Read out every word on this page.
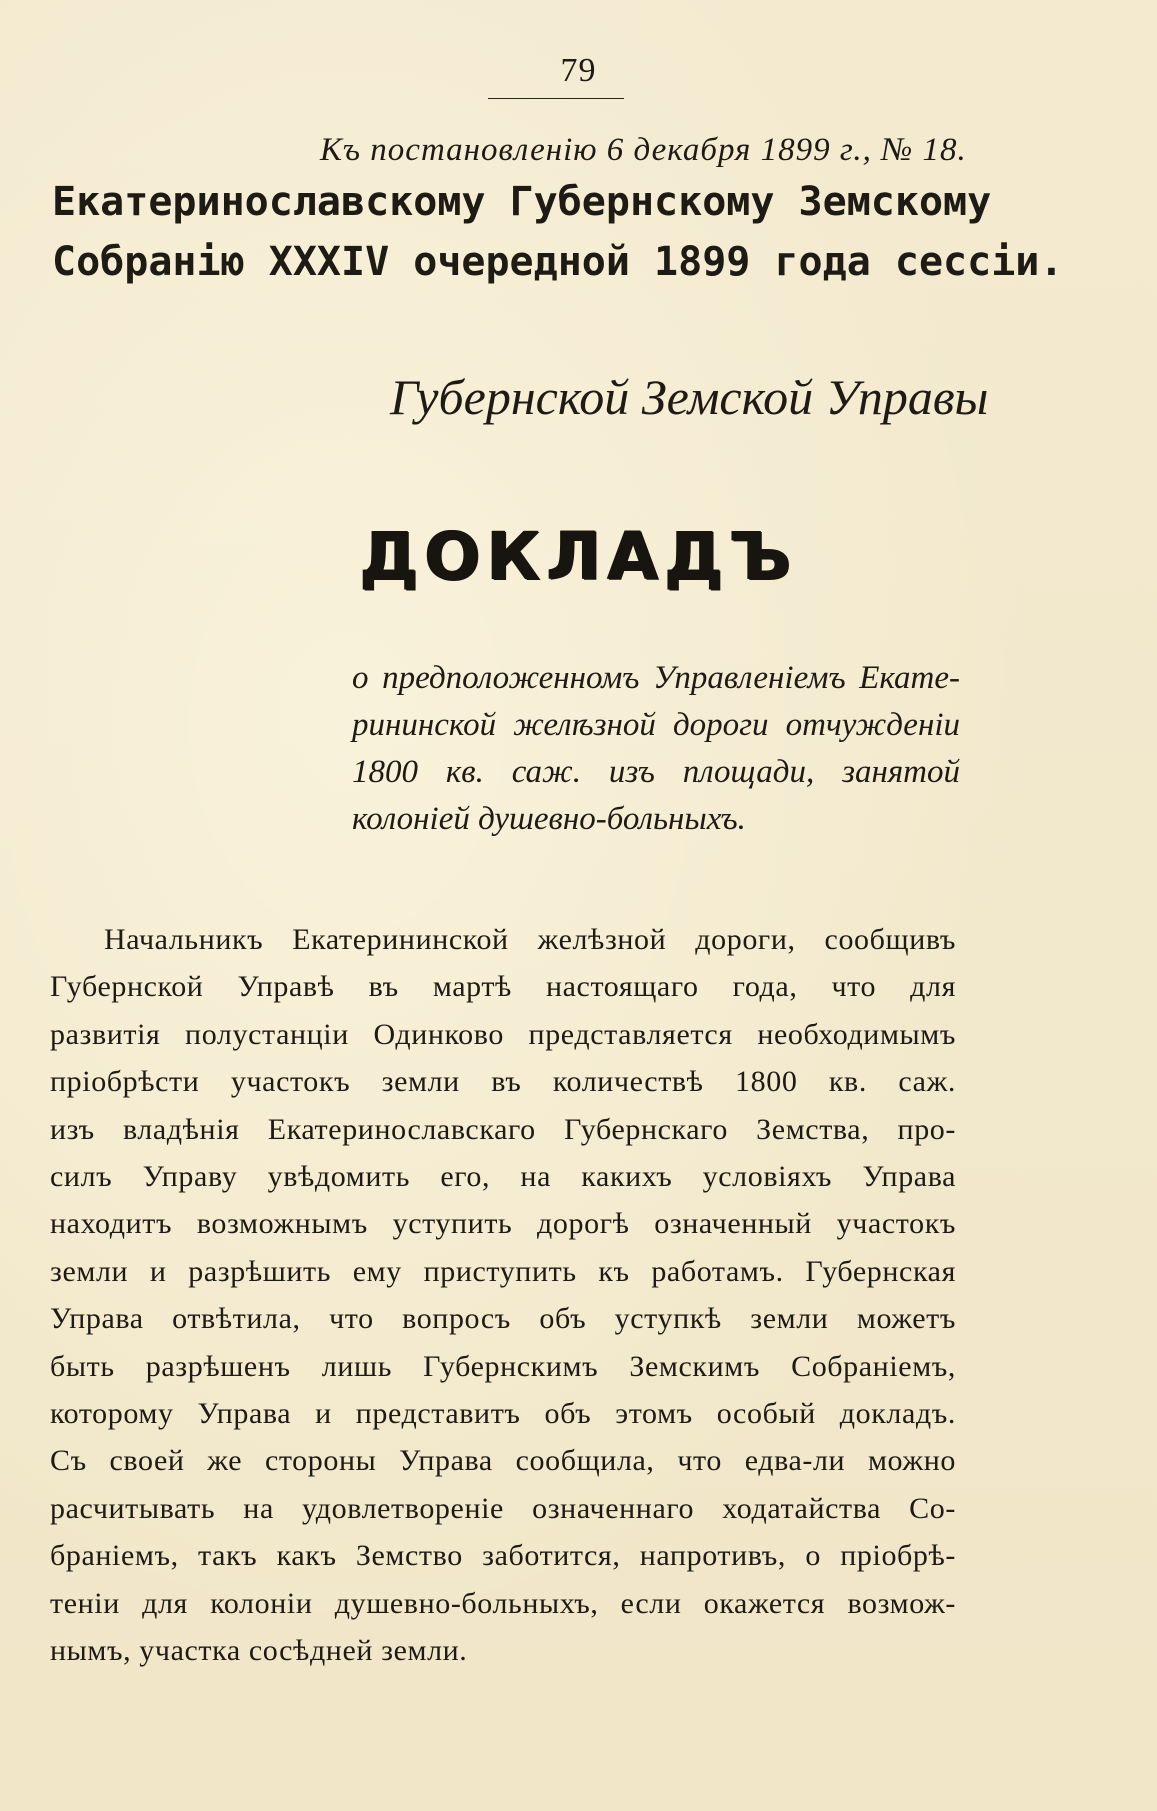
79
Къ постановленію 6 декабря 1899 г., № 18.
Екатеринославскому Губернскому Земскому
Собранію XXXIV очередной 1899 года сессіи.
Губернской Земской Управы
ДОКЛАДЪ
о предположенномъ Управленіемъ Екате-
рининской желѣзной дороги отчужденіи
1800 кв. саж. изъ площади, занятой
колоніей душевно-больныхъ.
Начальникъ Екатерининской желѣзной дороги, сообщивъ
Губернской Управѣ въ мартѣ настоящаго года, что для
развитія полустанціи Одинково представляется необходимымъ
пріобрѣсти участокъ земли въ количествѣ 1800 кв. саж.
изъ владѣнія Екатеринославскаго Губернскаго Земства, про-
силъ Управу увѣдомить его, на какихъ условіяхъ Управа
находитъ возможнымъ уступить дорогѣ означенный участокъ
земли и разрѣшить ему приступить къ работамъ. Губернская
Управа отвѣтила, что вопросъ объ уступкѣ земли можетъ
быть разрѣшенъ лишь Губернскимъ Земскимъ Собраніемъ,
которому Управа и представитъ объ этомъ особый докладъ.
Съ своей же стороны Управа сообщила, что едва-ли можно
расчитывать на удовлетвореніе означеннаго ходатайства Со-
браніемъ, такъ какъ Земство заботится, напротивъ, о пріобрѣ-
теніи для колоніи душевно-больныхъ, если окажется возмож-
нымъ, участка сосѣдней земли.
